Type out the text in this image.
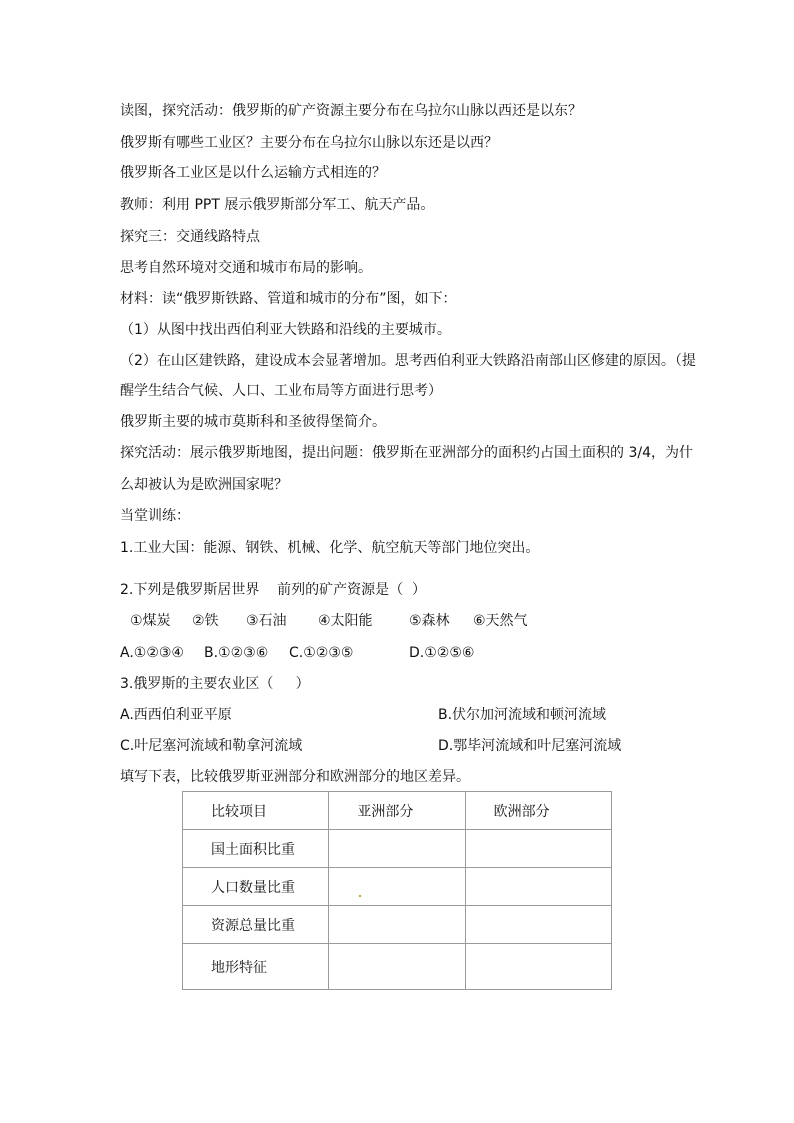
读图，探究活动：俄罗斯的矿产资源主要分布在乌拉尔山脉以西还是以东？
俄罗斯有哪些工业区？主要分布在乌拉尔山脉以东还是以西？
俄罗斯各工业区是以什么运输方式相连的？
教师：利用 PPT 展示俄罗斯部分军工、航天产品。
探究三：交通线路特点
思考自然环境对交通和城市布局的影响。
材料：读“俄罗斯铁路、管道和城市的分布”图，如下：
（1）从图中找出西伯利亚大铁路和沿线的主要城市。
（2）在山区建铁路，建设成本会显著增加。思考西伯利亚大铁路沿南部山区修建的原因。（提
醒学生结合气候、人口、工业布局等方面进行思考）
俄罗斯主要的城市莫斯科和圣彼得堡简介。
探究活动：展示俄罗斯地图，提出问题：俄罗斯在亚洲部分的面积约占国土面积的 3/4，为什
么却被认为是欧洲国家呢？
当堂训练：
1.工业大国：能源、钢铁、机械、化学、航空航天等部门地位突出。
2.下列是俄罗斯居世界    前列的矿产资源是（  ）
①煤炭 ②铁 ③石油 ④太阳能	⑤森林 ⑥天然气
A.①②③④ B.①②③⑥ C.①②③⑤	D.①②⑤⑥
3.俄罗斯的主要农业区（     ）
A.西西伯利亚平原	B.伏尔加河流域和顿河流域
C.叶尼塞河流域和勒拿河流域	D.鄂毕河流域和叶尼塞河流域
填写下表，比较俄罗斯亚洲部分和欧洲部分的地区差异。
比较项目	亚洲部分	欧洲部分
国土面积比重		
人口数量比重		
资源总量比重		
地形特征		
